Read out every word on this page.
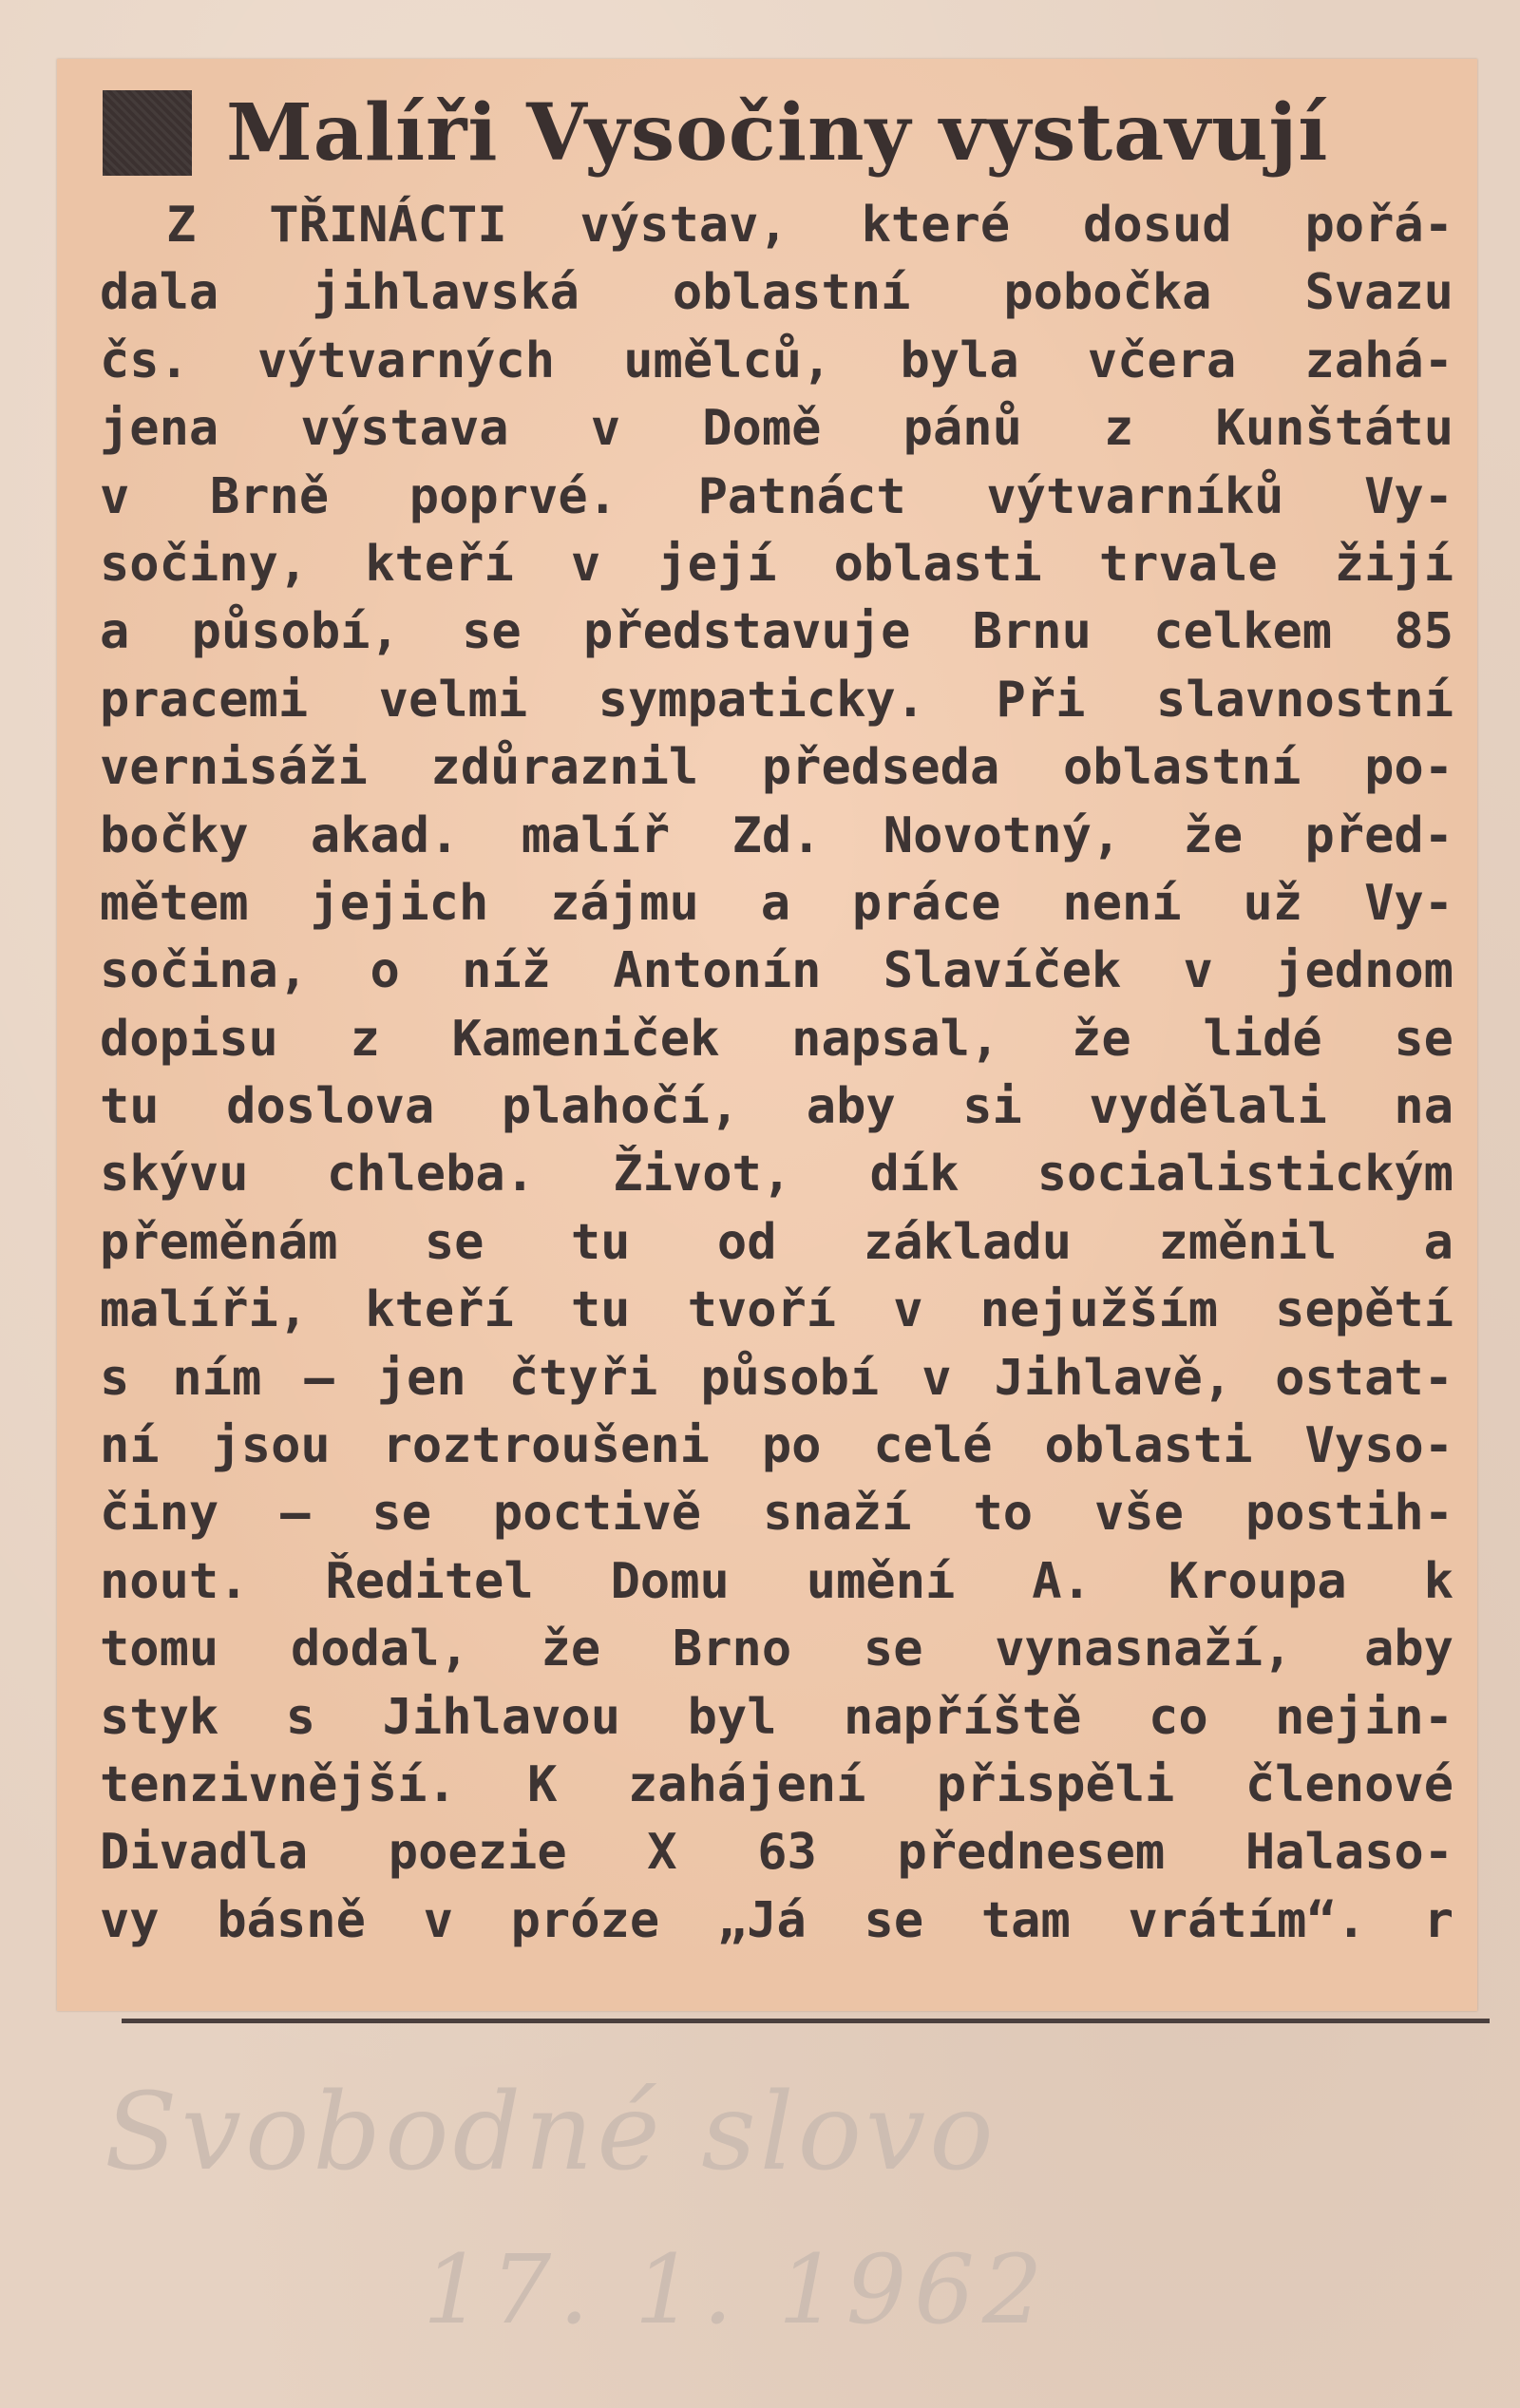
Malíři Vysočiny vystavují
Z TŘINÁCTI výstav, které dosud pořá-
dala jihlavská oblastní pobočka Svazu
čs. výtvarných umělců, byla včera zahá-
jena výstava v Domě pánů z Kunštátu
v Brně poprvé. Patnáct výtvarníků Vy-
sočiny, kteří v její oblasti trvale žijí
a působí, se představuje Brnu celkem 85
pracemi velmi sympaticky. Při slavnostní
vernisáži zdůraznil předseda oblastní po-
bočky akad. malíř Zd. Novotný, že před-
mětem jejich zájmu a práce není už Vy-
sočina, o níž Antonín Slavíček v jednom
dopisu z Kameniček napsal, že lidé se
tu doslova plahočí, aby si vydělali na
skývu chleba. Život, dík socialistickým
přeměnám se tu od základu změnil a
malíři, kteří tu tvoří v nejužším sepětí
s ním — jen čtyři působí v Jihlavě, ostat-
ní jsou roztroušeni po celé oblasti Vyso-
činy — se poctivě snaží to vše postih-
nout. Ředitel Domu umění A. Kroupa k
tomu dodal, že Brno se vynasnaží, aby
styk s Jihlavou byl napříště co nejin-
tenzivnější. K zahájení přispěli členové
Divadla poezie X 63 přednesem Halaso-
vy básně v próze „Já se tam vrátím“. r
Svobodné slovo
17. 1. 1962
